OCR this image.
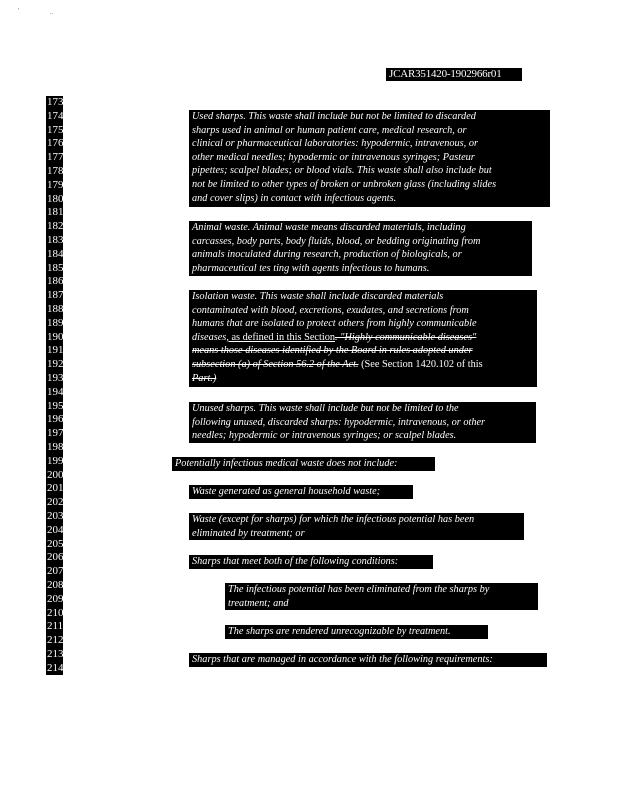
'	..
JCAR351420-1902966r01
173
174
175
176
177
178
179
180
181
182
183
184
185
186
187
188
189
190
191
192
193
194
195
196
197
198
199
200
201
202
203
204
205
206
207
208
209
210
211
212
213
214
Used sharps. This waste shall include but not be limited to discarded
sharps used in animal or human patient care, medical research, or
clinical or pharmaceutical laboratories: hypodermic, intravenous, or
other medical needles; hypodermic or intravenous syringes; Pasteur
pipettes; scalpel blades; or blood vials. This waste shall also include but
not be limited to other types of broken or unbroken glass (including slides
and cover slips) in contact with infectious agents.
Animal waste. Animal waste means discarded materials, including
carcasses, body parts, body fluids, blood, or bedding originating from
animals inoculated during research, production of biologicals, or
pharmaceutical tes ting with agents infectious to humans.
Isolation waste. This waste shall include discarded materials
contaminated with blood, excretions, exudates, and secretions from
humans that are isolated to protect others from highly communicable
diseases, as defined in this Section. "Highly communicable diseases"
means those diseases identified by the Board in rules adopted under
subsection (a) of Section 56.2 of the Act. (See Section 1420.102 of this
Part.)
Unused sharps. This waste shall include but not be limited to the
following unused, discarded sharps: hypodermic, intravenous, or other
needles; hypodermic or intravenous syringes; or scalpel blades.
Potentially infectious medical waste does not include:
Waste generated as general household waste;
Waste (except for sharps) for which the infectious potential has been
eliminated by treatment; or
Sharps that meet both of the following conditions:
The infectious potential has been eliminated from the sharps by
treatment; and
The sharps are rendered unrecognizable by treatment.
Sharps that are managed in accordance with the following requirements:
